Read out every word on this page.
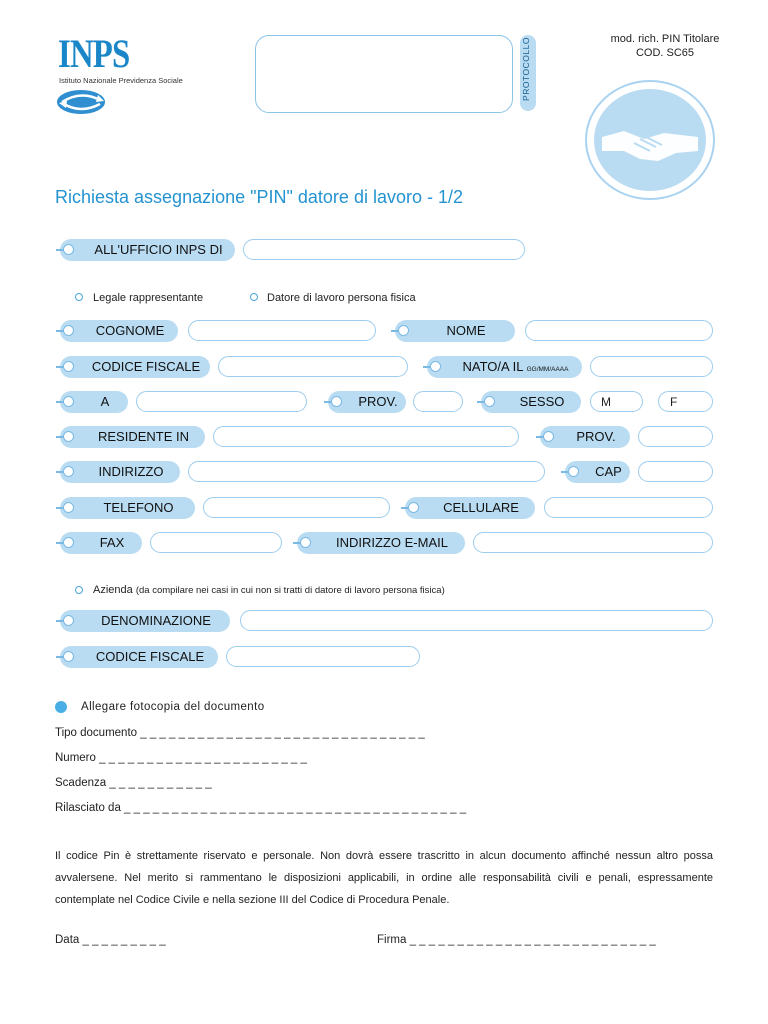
INPS
Istituto Nazionale Previdenza Sociale	PROTOCOLLO	mod. rich. PIN Titolare
COD. SC65
Richiesta assegnazione "PIN" datore di lavoro - 1/2
ALL'UFFICIO INPS DI
Legale rappresentante	Datore di lavoro persona fisica
COGNOME	NOME
CODICE FISCALE	NATO/A IL GG/MM/AAAA
A	PROV.	SESSO	M	F
RESIDENTE IN	PROV.
INDIRIZZO	CAP
TELEFONO	CELLULARE
FAX	INDIRIZZO E-MAIL
Azienda (da compilare nei casi in cui non si tratti di datore di lavoro persona fisica)
DENOMINAZIONE
CODICE FISCALE
Allegare fotocopia del documento
Tipo documento _ _ _ _ _ _ _ _ _ _ _ _ _ _ _ _ _ _ _ _ _ _ _ _ _ _ _ _ _ _
Numero _ _ _ _ _ _ _ _ _ _ _ _ _ _ _ _ _ _ _ _ _ _
Scadenza _ _ _ _ _ _ _ _ _ _ _
Rilasciato da _ _ _ _ _ _ _ _ _ _ _ _ _ _ _ _ _ _ _ _ _ _ _ _ _ _ _ _ _ _ _ _ _ _ _ _
Il codice Pin è strettamente riservato e personale. Non dovrà essere trascritto in alcun documento affinché nessun altro possa avvalersene. Nel merito si rammentano le disposizioni applicabili, in ordine alle responsabilità civili e penali, espressamente contemplate nel Codice Civile e nella sezione III del Codice di Procedura Penale.
Data _ _ _ _ _ _ _ _ _	Firma _ _ _ _ _ _ _ _ _ _ _ _ _ _ _ _ _ _ _ _ _ _ _ _ _ _
